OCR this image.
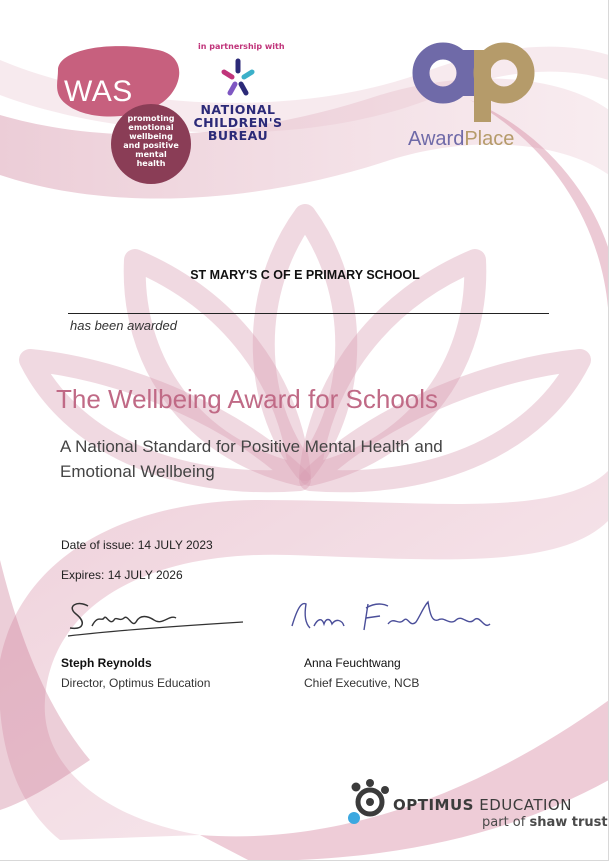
WAS
promoting
emotional
wellbeing
and positive
mental
health
in partnership with
NATIONAL
CHILDREN'S
BUREAU	AwardPlace
ST MARY'S C OF E PRIMARY SCHOOL
has been awarded
The Wellbeing Award for Schools
A National Standard for Positive Mental Health and Emotional Wellbeing
Date of issue: 14 JULY 2023
Expires: 14 JULY 2026
Steph Reynolds
Director, Optimus Education
Anna Feuchtwang
Chief Executive, NCB
OPTIMUS EDUCATION
part of shaw trust
